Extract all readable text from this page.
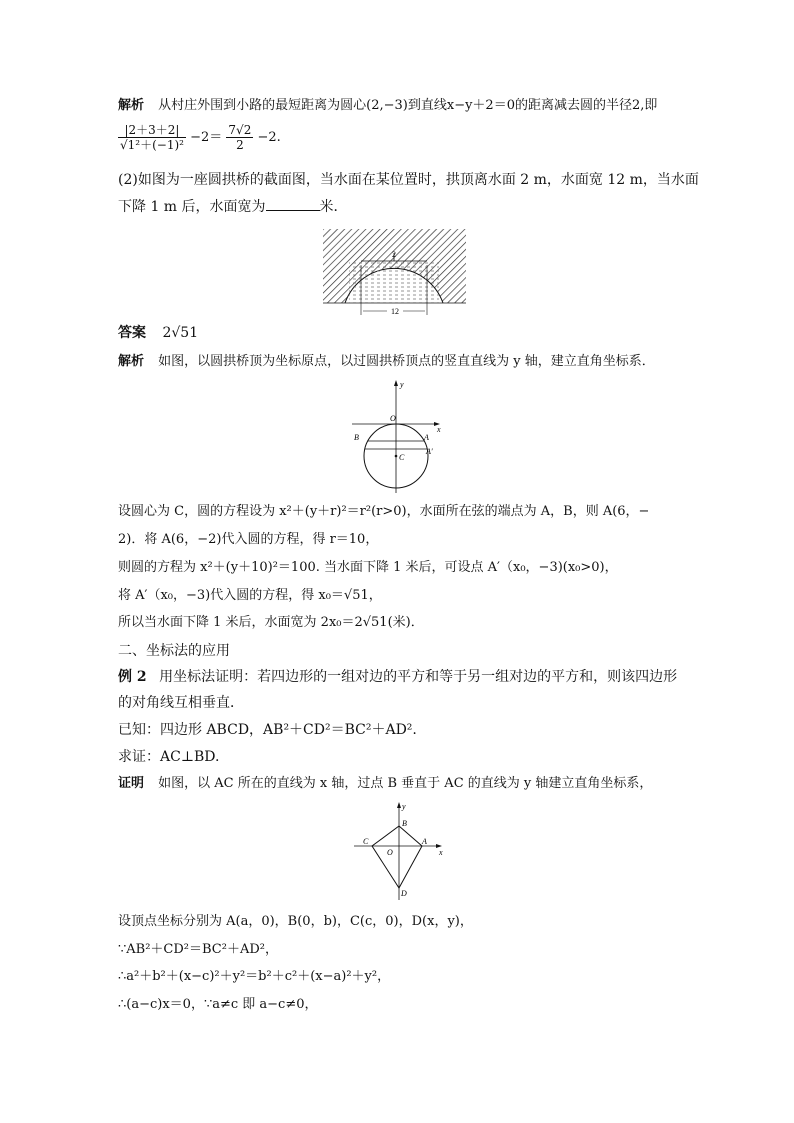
解析 从村庄外围到小路的最短距离为圆心(2,−3)到直线x−y＋2＝0的距离减去圆的半径2,即
$\frac{|2+3+2|}{\text{√1²＋(−1)²}} -2= \frac{7√2}{2} -2$.
(2)如图为一座圆拱桥的截面图，当水面在某位置时，拱顶离水面 2 m，水面宽 12 m，当水面
下降 1 m 后，水面宽为	米．
2
12
答案 2√51
解析 如图，以圆拱桥顶为坐标原点，以过圆拱桥顶点的竖直直线为 y 轴，建立直角坐标系．
y
x
O
B	A
A′
C
设圆心为 C，圆的方程设为 x²＋(y＋r)²＝r²(r>0)，水面所在弦的端点为 A，B，则 A(6，−
2)．将 A(6，−2)代入圆的方程，得 r＝10，
则圆的方程为 x²＋(y＋10)²＝100. 当水面下降 1 米后，可设点 A′（x₀，−3)(x₀>0)，
将 A′（x₀，−3)代入圆的方程，得 x₀＝√51，
所以当水面下降 1 米后，水面宽为 2x₀＝2√51(米)．
二、坐标法的应用
例 2 用坐标法证明：若四边形的一组对边的平方和等于另一组对边的平方和，则该四边形
的对角线互相垂直．
已知：四边形 ABCD，AB²＋CD²＝BC²＋AD².
求证：AC⊥BD.
证明 如图，以 AC 所在的直线为 x 轴，过点 B 垂直于 AC 的直线为 y 轴建立直角坐标系，
y
x
B
A
C
O
D
设顶点坐标分别为 A(a，0)，B(0，b)，C(c，0)，D(x，y)，
∵AB²＋CD²＝BC²＋AD²，
∴a²＋b²＋(x−c)²＋y²＝b²＋c²＋(x−a)²＋y²，
∴(a−c)x＝0，∵a≠c 即 a−c≠0，
